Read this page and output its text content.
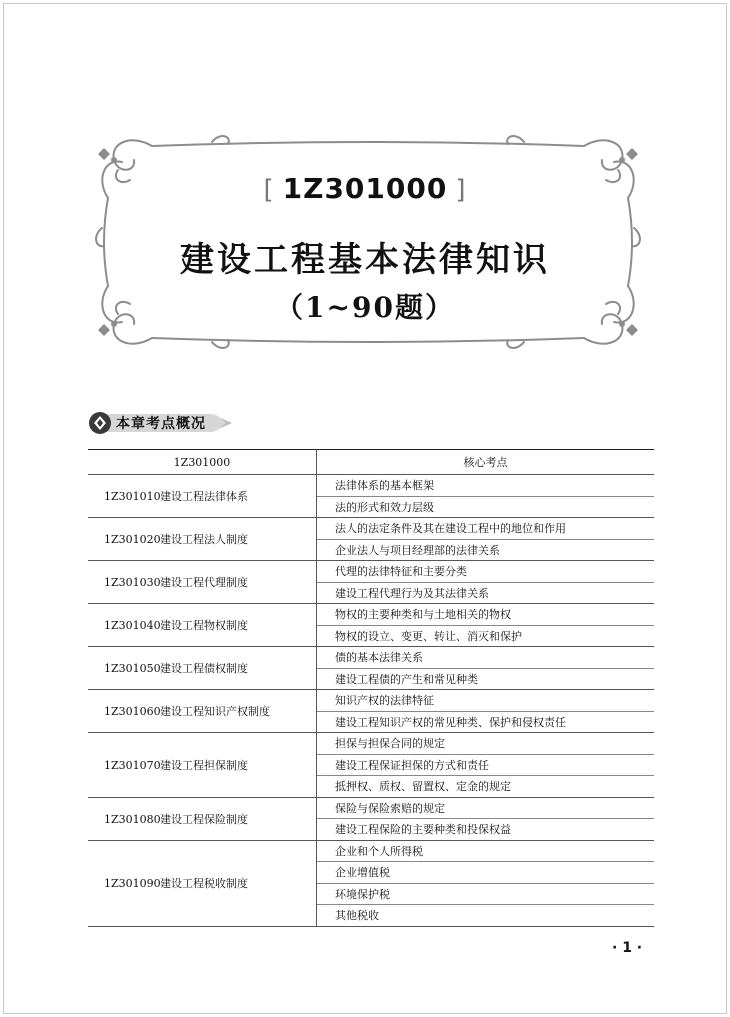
[ 1Z301000 ]
建设工程基本法律知识
（1~90题）
本章考点概况
1Z301000	核心考点
1Z301010建设工程法律体系	法律体系的基本框架
	法的形式和效力层级
1Z301020建设工程法人制度	法人的法定条件及其在建设工程中的地位和作用
	企业法人与项目经理部的法律关系
1Z301030建设工程代理制度	代理的法律特征和主要分类
	建设工程代理行为及其法律关系
1Z301040建设工程物权制度	物权的主要种类和与土地相关的物权
	物权的设立、变更、转让、消灭和保护
1Z301050建设工程债权制度	债的基本法律关系
	建设工程债的产生和常见种类
1Z301060建设工程知识产权制度	知识产权的法律特征
	建设工程知识产权的常见种类、保护和侵权责任
1Z301070建设工程担保制度	担保与担保合同的规定
	建设工程保证担保的方式和责任
	抵押权、质权、留置权、定金的规定
1Z301080建设工程保险制度	保险与保险索赔的规定
	建设工程保险的主要种类和投保权益
1Z301090建设工程税收制度	企业和个人所得税
	企业增值税
	环境保护税
	其他税收
· 1 ·
